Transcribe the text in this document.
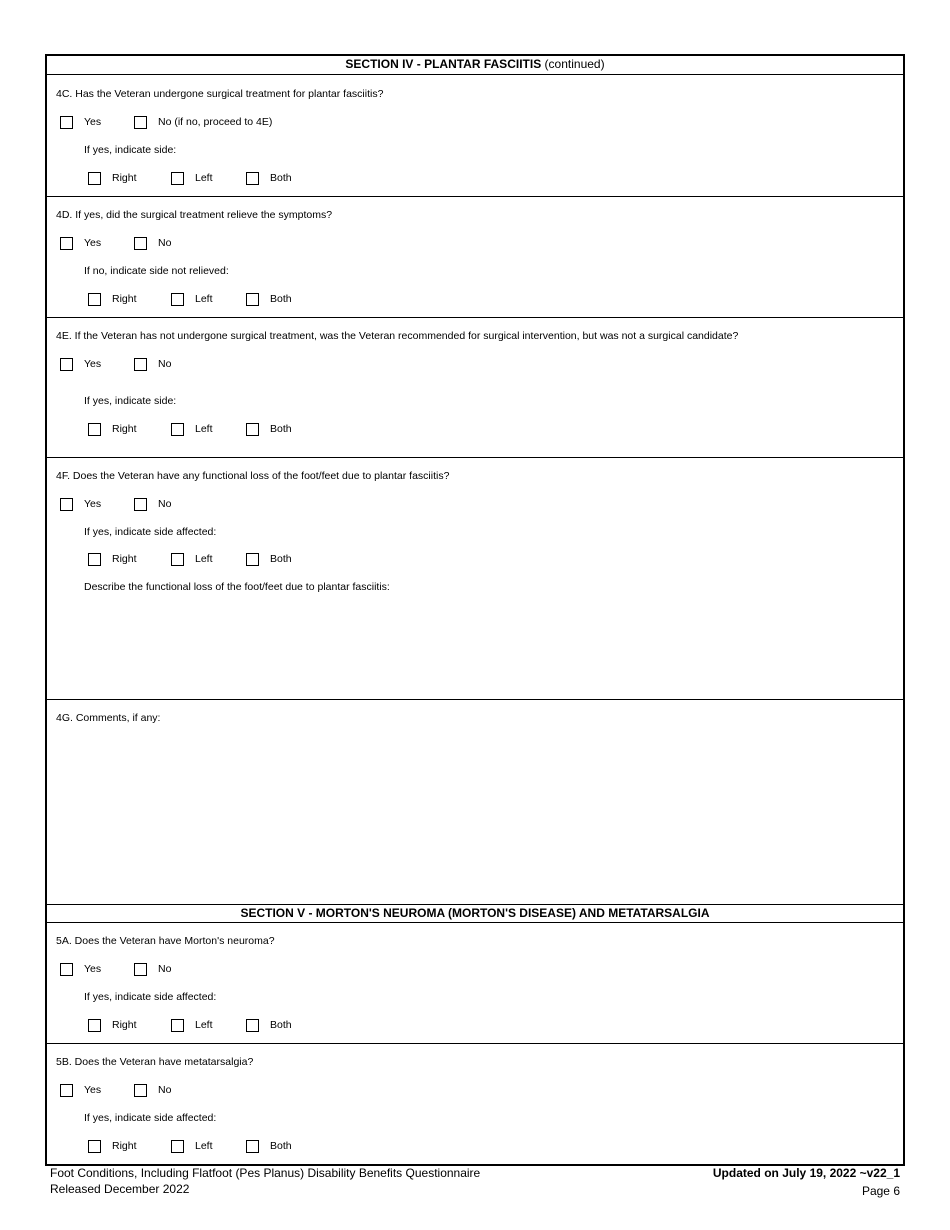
SECTION IV - PLANTAR FASCIITIS (continued)
4C. Has the Veteran undergone surgical treatment for plantar fasciitis?
Yes	No (if no, proceed to 4E)
If yes, indicate side:
Right	Left	Both
4D. If yes, did the surgical treatment relieve the symptoms?
Yes	No
If no, indicate side not relieved:
Right	Left	Both
4E. If the Veteran has not undergone surgical treatment, was the Veteran recommended for surgical intervention, but was not a surgical candidate?
Yes	No
If yes, indicate side:
Right	Left	Both
4F. Does the Veteran have any functional loss of the foot/feet due to plantar fasciitis?
Yes	No
If yes, indicate side affected:
Right	Left	Both
Describe the functional loss of the foot/feet due to plantar fasciitis:
4G. Comments, if any:
SECTION V - MORTON'S NEUROMA (MORTON'S DISEASE) AND METATARSALGIA
5A. Does the Veteran have Morton's neuroma?
Yes	No
If yes, indicate side affected:
Right	Left	Both
5B. Does the Veteran have metatarsalgia?
Yes	No
If yes, indicate side affected:
Right	Left	Both
Foot Conditions, Including Flatfoot (Pes Planus) Disability Benefits Questionnaire
Released December 2022
Updated on July 19, 2022 ~v22_1
Page 6
